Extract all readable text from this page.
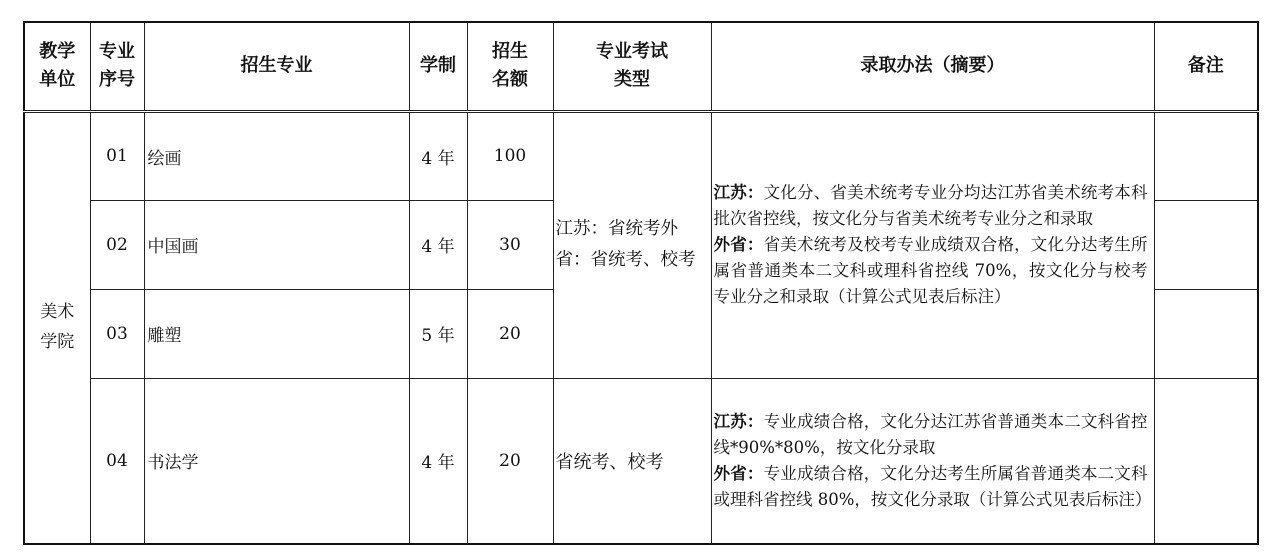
教学单位	专业序号	招生专业	学制	招生名额	专业考试类型	录取办法（摘要）	备注
美术学院	01	绘画	4 年	100	江苏：省统考外省：省统考、校考	江苏：文化分、省美术统考专业分均达江苏省美术统考本科批次省控线，按文化分与省美术统考专业分之和录取
外省：省美术统考及校考专业成绩双合格，文化分达考生所属省普通类本二文科或理科省控线 70%，按文化分与校考专业分之和录取（计算公式见表后标注）	

	02	中国画	4 年	30			
	03	雕塑	5 年	20			
	04	书法学	4 年	20	省统考、校考	江苏：专业成绩合格，文化分达江苏省普通类本二文科省控线*90%*80%，按文化分录取
外省：专业成绩合格，文化分达考生所属省普通类本二文科或理科省控线 80%，按文化分录取（计算公式见表后标注）	
